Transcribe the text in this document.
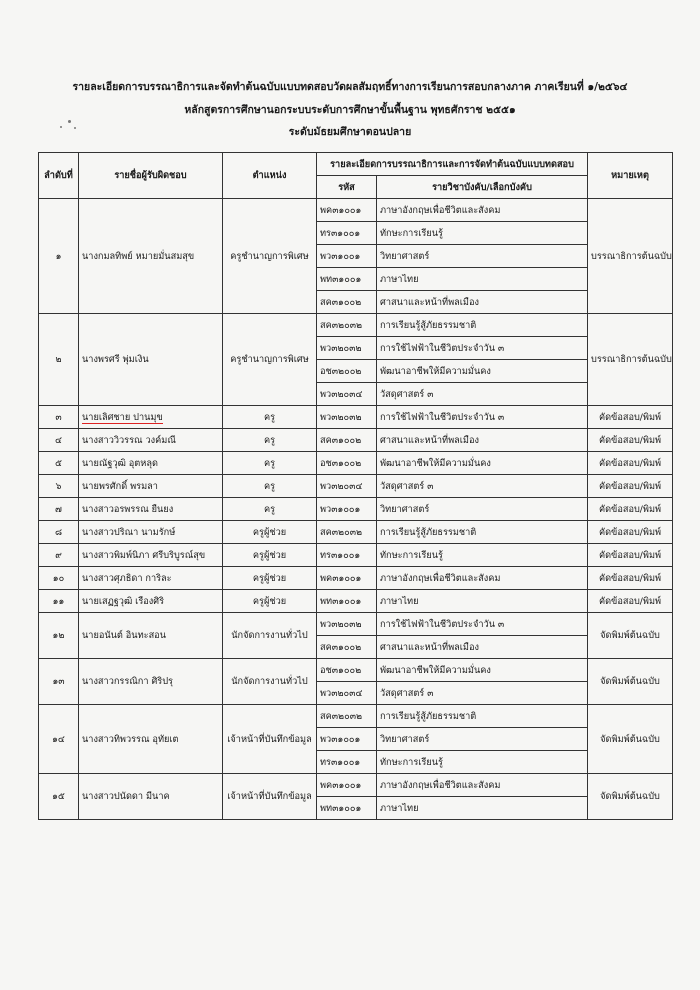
รายละเอียดการบรรณาธิการและจัดทำต้นฉบับแบบทดสอบวัดผลสัมฤทธิ์ทางการเรียนการสอบกลางภาค ภาคเรียนที่ ๑/๒๕๖๔
หลักสูตรการศึกษานอกระบบระดับการศึกษาขั้นพื้นฐาน พุทธศักราช ๒๕๕๑
ระดับมัธยมศึกษาตอนปลาย
ลำดับที่	รายชื่อผู้รับผิดชอบ	ตำแหน่ง	รายละเอียดการบรรณาธิการและการจัดทำต้นฉบับแบบทดสอบ		หมายเหตุ
			รหัส	รายวิชาบังคับ/เลือกบังคับ	
๑	นางกมลทิพย์ หมายมั่นสมสุข	ครูชำนาญการพิเศษ	พค๓๑๐๐๑	ภาษาอังกฤษเพื่อชีวิตและสังคม	บรรณาธิการต้นฉบับ
			ทร๓๑๐๐๑	ทักษะการเรียนรู้	
			พว๓๑๐๐๑	วิทยาศาสตร์	
			พท๓๑๐๐๑	ภาษาไทย	
			สค๓๑๐๐๒	ศาสนาและหน้าที่พลเมือง	
๒	นางพรศรี พุ่มเงิน	ครูชำนาญการพิเศษ	สค๓๒๐๓๒	การเรียนรู้สู้ภัยธรรมชาติ	บรรณาธิการต้นฉบับ
			พว๓๒๐๓๒	การใช้ไฟฟ้าในชีวิตประจำวัน ๓	
			อช๓๒๐๐๒	พัฒนาอาชีพให้มีความมั่นคง	
			พว๓๒๐๓๔	วัสดุศาสตร์ ๓	
๓	นายเลิศชาย ปานมุข	ครู	พว๓๒๐๓๒	การใช้ไฟฟ้าในชีวิตประจำวัน ๓	คัดข้อสอบ/พิมพ์
๔	นางสาววิวรรณ วงค์มณี	ครู	สค๓๑๐๐๒	ศาสนาและหน้าที่พลเมือง	คัดข้อสอบ/พิมพ์
๕	นายณัฐวุฒิ อุตหลุด	ครู	อช๓๑๐๐๒	พัฒนาอาชีพให้มีความมั่นคง	คัดข้อสอบ/พิมพ์
๖	นายพรศักดิ์ พรมลา	ครู	พว๓๒๐๓๔	วัสดุศาสตร์ ๓	คัดข้อสอบ/พิมพ์
๗	นางสาวอรพรรณ ยืนยง	ครู	พว๓๑๐๐๑	วิทยาศาสตร์	คัดข้อสอบ/พิมพ์
๘	นางสาวปริณา นามรักษ์	ครูผู้ช่วย	สค๓๒๐๓๒	การเรียนรู้สู้ภัยธรรมชาติ	คัดข้อสอบ/พิมพ์
๙	นางสาวพิมพ์นิภา ศรีบริบูรณ์สุข	ครูผู้ช่วย	ทร๓๑๐๐๑	ทักษะการเรียนรู้	คัดข้อสอบ/พิมพ์
๑๐	นางสาวศุภธิดา การิละ	ครูผู้ช่วย	พค๓๑๐๐๑	ภาษาอังกฤษเพื่อชีวิตและสังคม	คัดข้อสอบ/พิมพ์
๑๑	นายเสฏฐวุฒิ เรืองศิริ	ครูผู้ช่วย	พท๓๑๐๐๑	ภาษาไทย	คัดข้อสอบ/พิมพ์
๑๒	นายอนันต์ อินทะสอน	นักจัดการงานทั่วไป	พว๓๒๐๓๒	การใช้ไฟฟ้าในชีวิตประจำวัน ๓	จัดพิมพ์ต้นฉบับ
			สค๓๑๐๐๒	ศาสนาและหน้าที่พลเมือง	
๑๓	นางสาวกรรณิกา ศิริปรุ	นักจัดการงานทั่วไป	อช๓๑๐๐๒	พัฒนาอาชีพให้มีความมั่นคง	จัดพิมพ์ต้นฉบับ
			พว๓๒๐๓๔	วัสดุศาสตร์ ๓	
๑๔	นางสาวทิพวรรณ อุทัยเต	เจ้าหน้าที่บันทึกข้อมูล	สค๓๒๐๓๒	การเรียนรู้สู้ภัยธรรมชาติ	จัดพิมพ์ต้นฉบับ
			พว๓๑๐๐๑	วิทยาศาสตร์	
			ทร๓๑๐๐๑	ทักษะการเรียนรู้	
๑๕	นางสาวปนัดดา มีนาค	เจ้าหน้าที่บันทึกข้อมูล	พค๓๑๐๐๑	ภาษาอังกฤษเพื่อชีวิตและสังคม	จัดพิมพ์ต้นฉบับ
			พท๓๑๐๐๑	ภาษาไทย	
